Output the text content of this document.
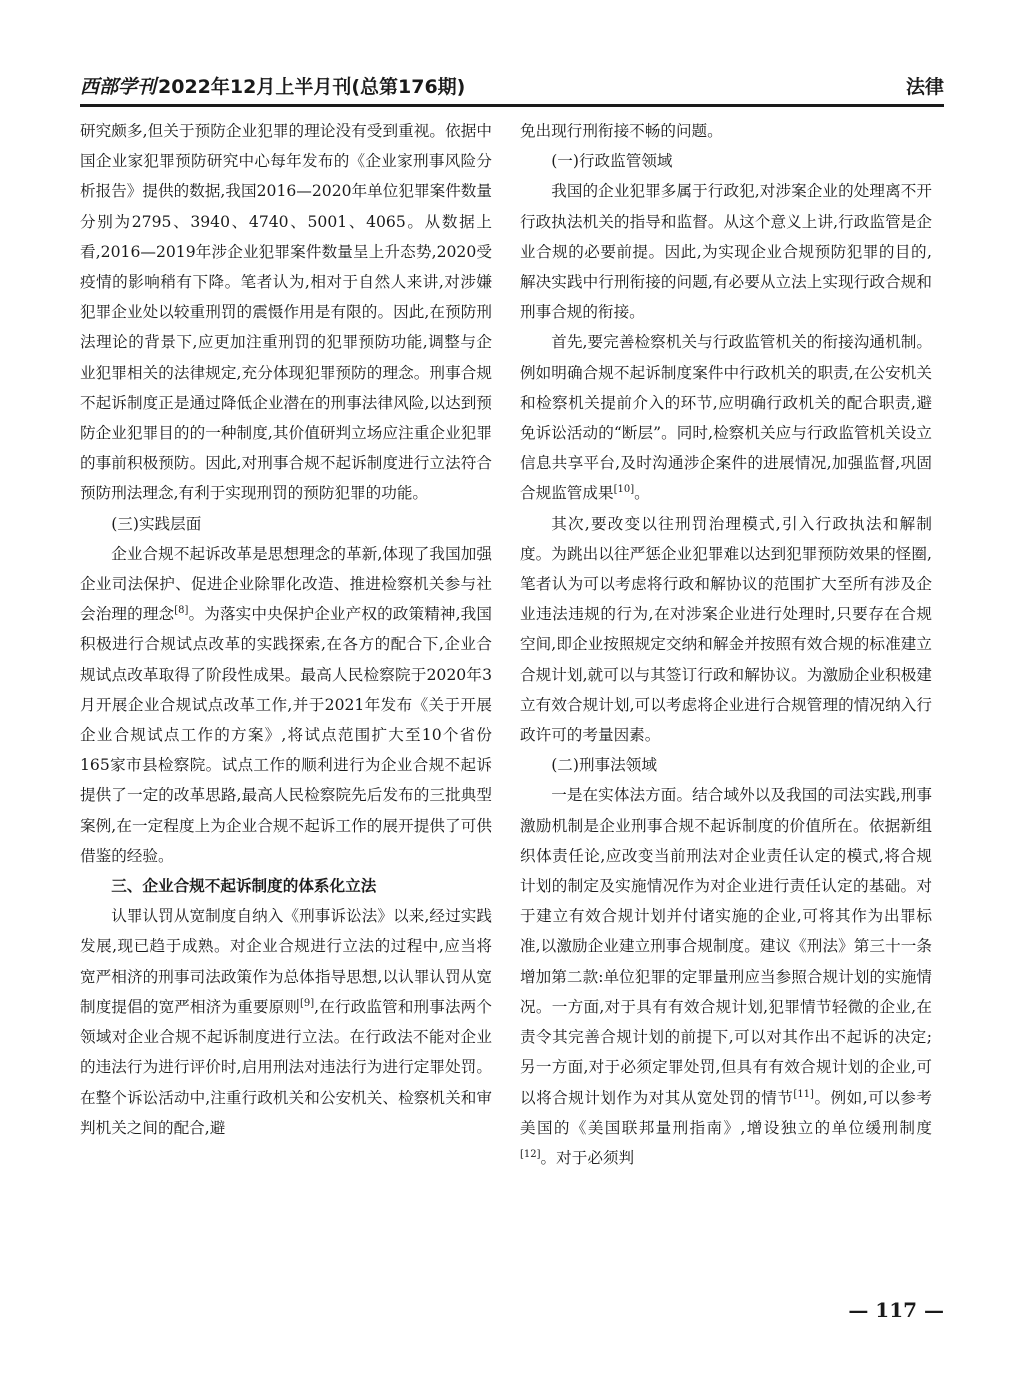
西部学刊 2022年12月上半月刊(总第176期)	法律

研究颇多,但关于预防企业犯罪的理论没有受到重视。依据中国企业家犯罪预防研究中心每年发布的《企业家刑事风险分析报告》提供的数据,我国2016—2020年单位犯罪案件数量分别为2795、3940、4740、5001、4065。从数据上看,2016—2019年涉企业犯罪案件数量呈上升态势,2020受疫情的影响稍有下降。笔者认为,相对于自然人来讲,对涉嫌犯罪企业处以较重刑罚的震慑作用是有限的。因此,在预防刑法理论的背景下,应更加注重刑罚的犯罪预防功能,调整与企业犯罪相关的法律规定,充分体现犯罪预防的理念。刑事合规不起诉制度正是通过降低企业潜在的刑事法律风险,以达到预防企业犯罪目的的一种制度,其价值研判立场应注重企业犯罪的事前积极预防。因此,对刑事合规不起诉制度进行立法符合预防刑法理念,有利于实现刑罚的预防犯罪的功能。

(三)实践层面

企业合规不起诉改革是思想理念的革新,体现了我国加强企业司法保护、促进企业除罪化改造、推进检察机关参与社会治理的理念[8]。为落实中央保护企业产权的政策精神,我国积极进行合规试点改革的实践探索,在各方的配合下,企业合规试点改革取得了阶段性成果。最高人民检察院于2020年3月开展企业合规试点改革工作,并于2021年发布《关于开展企业合规试点工作的方案》,将试点范围扩大至10个省份165家市县检察院。试点工作的顺利进行为企业合规不起诉提供了一定的改革思路,最高人民检察院先后发布的三批典型案例,在一定程度上为企业合规不起诉工作的展开提供了可供借鉴的经验。

三、企业合规不起诉制度的体系化立法

认罪认罚从宽制度自纳入《刑事诉讼法》以来,经过实践发展,现已趋于成熟。对企业合规进行立法的过程中,应当将宽严相济的刑事司法政策作为总体指导思想,以认罪认罚从宽制度提倡的宽严相济为重要原则[9],在行政监管和刑事法两个领域对企业合规不起诉制度进行立法。在行政法不能对企业的违法行为进行评价时,启用刑法对违法行为进行定罪处罚。在整个诉讼活动中,注重行政机关和公安机关、检察机关和审判机关之间的配合,避

免出现行刑衔接不畅的问题。

(一)行政监管领域

我国的企业犯罪多属于行政犯,对涉案企业的处理离不开行政执法机关的指导和监督。从这个意义上讲,行政监管是企业合规的必要前提。因此,为实现企业合规预防犯罪的目的,解决实践中行刑衔接的问题,有必要从立法上实现行政合规和刑事合规的衔接。

首先,要完善检察机关与行政监管机关的衔接沟通机制。例如明确合规不起诉制度案件中行政机关的职责,在公安机关和检察机关提前介入的环节,应明确行政机关的配合职责,避免诉讼活动的“断层”。同时,检察机关应与行政监管机关设立信息共享平台,及时沟通涉企案件的进展情况,加强监督,巩固合规监管成果[10]。

其次,要改变以往刑罚治理模式,引入行政执法和解制度。为跳出以往严惩企业犯罪难以达到犯罪预防效果的怪圈,笔者认为可以考虑将行政和解协议的范围扩大至所有涉及企业违法违规的行为,在对涉案企业进行处理时,只要存在合规空间,即企业按照规定交纳和解金并按照有效合规的标准建立合规计划,就可以与其签订行政和解协议。为激励企业积极建立有效合规计划,可以考虑将企业进行合规管理的情况纳入行政许可的考量因素。

(二)刑事法领域

一是在实体法方面。结合域外以及我国的司法实践,刑事激励机制是企业刑事合规不起诉制度的价值所在。依据新组织体责任论,应改变当前刑法对企业责任认定的模式,将合规计划的制定及实施情况作为对企业进行责任认定的基础。对于建立有效合规计划并付诸实施的企业,可将其作为出罪标准,以激励企业建立刑事合规制度。建议《刑法》第三十一条增加第二款:单位犯罪的定罪量刑应当参照合规计划的实施情况。一方面,对于具有有效合规计划,犯罪情节轻微的企业,在责令其完善合规计划的前提下,可以对其作出不起诉的决定;另一方面,对于必须定罪处罚,但具有有效合规计划的企业,可以将合规计划作为对其从宽处罚的情节[11]。例如,可以参考美国的《美国联邦量刑指南》,增设独立的单位缓刑制度[12]。对于必须判

— 117 —
